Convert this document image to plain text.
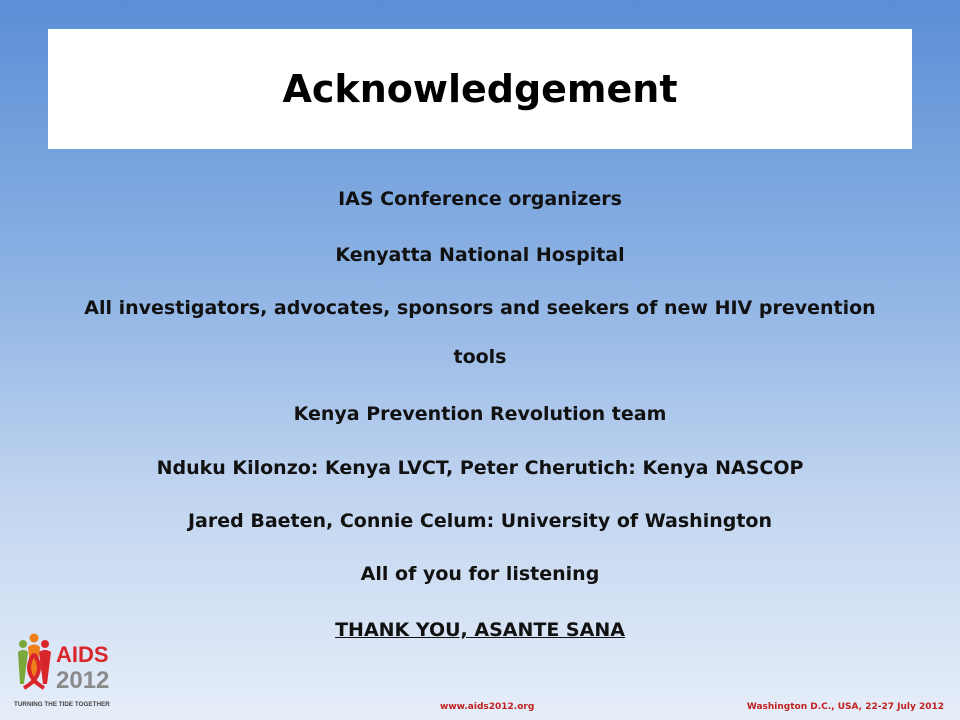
Acknowledgement
IAS Conference organizers
Kenyatta National Hospital
All investigators, advocates, sponsors and seekers of new HIV prevention
tools
Kenya Prevention Revolution team
Nduku Kilonzo: Kenya LVCT, Peter Cherutich: Kenya NASCOP
Jared Baeten, Connie Celum: University of Washington
All of you for listening
THANK YOU, ASANTE SANA
AIDS
2012
TURNING THE TIDE TOGETHER	www.aids2012.org	Washington D.C., USA, 22-27 July 2012
